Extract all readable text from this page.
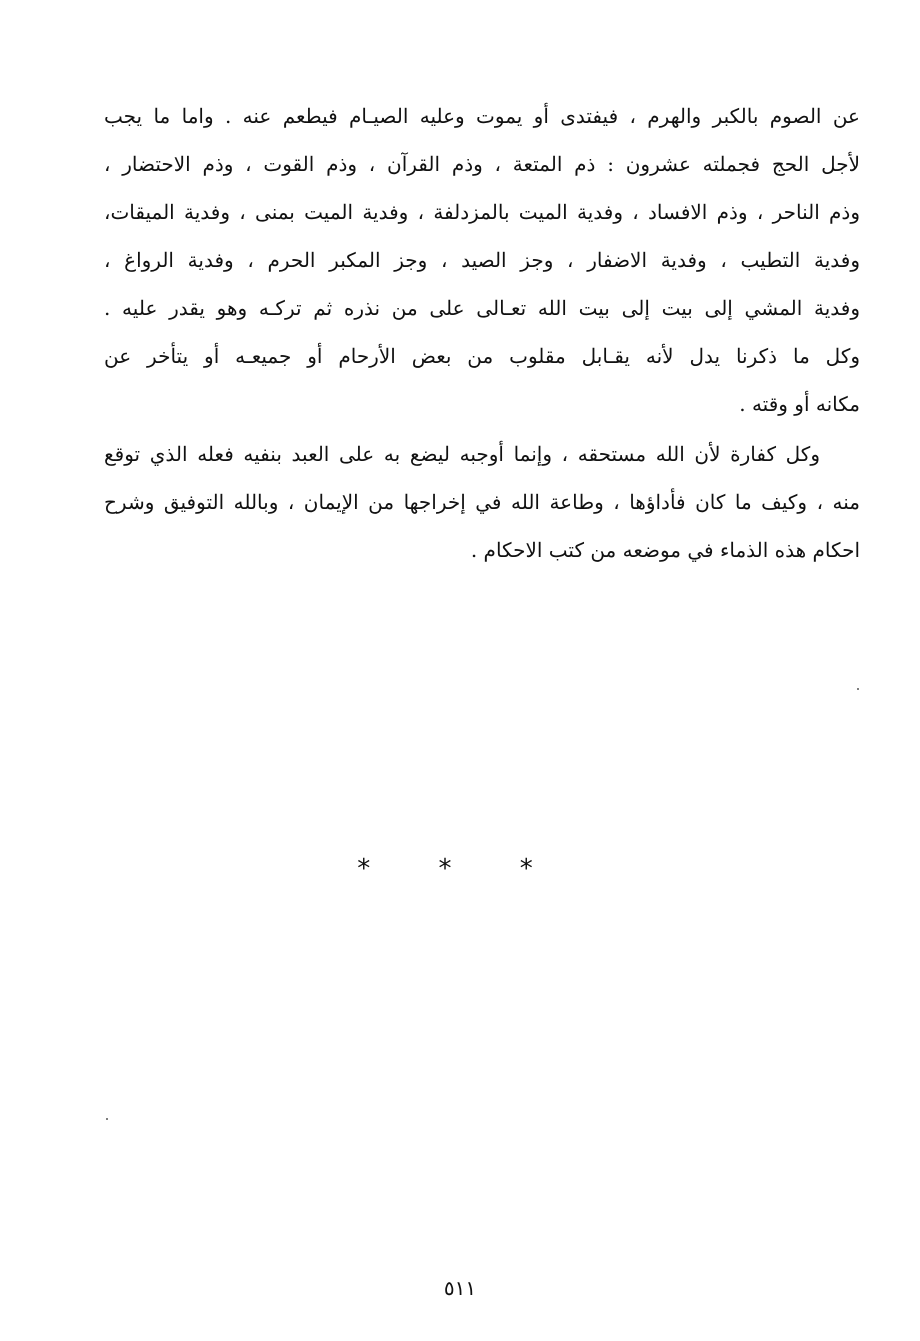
عن الصوم بالكبر والهرم ، فيفتدى أو يموت وعليه الصيـام فيطعم عنه . واما ما يجب
لأجل الحج فجملته عشرون : ذم المتعة ، وذم القرآن ، وذم القوت ، وذم الاحتضار ،
وذم الناحر ، وذم الافساد ، وفدية الميت بالمزدلفة ، وفدية الميت بمنى ، وفدية الميقات،
وفدية التطيب ، وفدية الاضفار ، وجز الصيد ، وجز المكبر الحرم ، وفدية الرواغ ،
وفدية المشي إلى بيت إلى بيت الله تعـالى على من نذره ثم تركـه وهو يقدر عليه .
وكل ما ذكرنا يدل لأنه يقـابل مقلوب من بعض الأرحام أو جميعـه أو يتأخر عن
مكانه أو وقته .
وكل كفارة لأن الله مستحقه ، وإنما أوجبه ليضع به على العبد بنفيه فعله الذي توقع
منه ، وكيف ما كان فأداؤها ، وطاعة الله في إخراجها من الإيمان ، وبالله التوفيق وشرح
احكام هذه الذماء في موضعه من كتب الاحكام .
* * *
٥١١
